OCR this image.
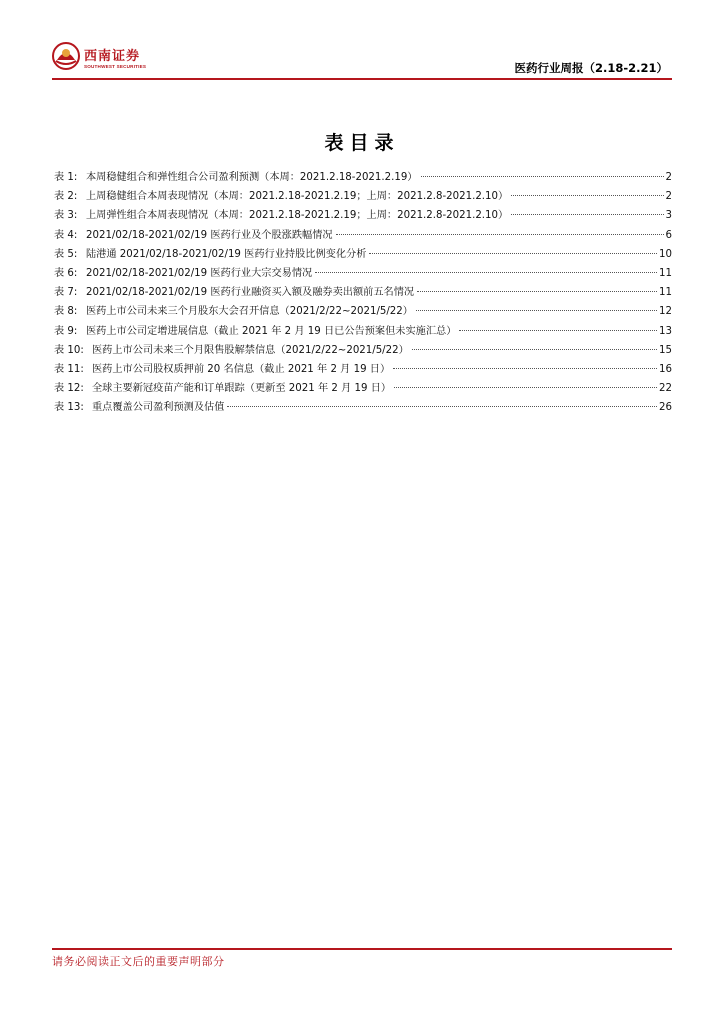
西南证券
SOUTHWEST SECURITIES	医药行业周报（2.18-2.21）
表目录
表 1: 本周稳健组合和弹性组合公司盈利预测（本周：2021.2.18-2021.2.19）	2
表 2: 上周稳健组合本周表现情况（本周：2021.2.18-2021.2.19；上周：2021.2.8-2021.2.10）	2
表 3: 上周弹性组合本周表现情况（本周：2021.2.18-2021.2.19；上周：2021.2.8-2021.2.10）	3
表 4: 2021/02/18-2021/02/19 医药行业及个股涨跌幅情况	6
表 5: 陆港通 2021/02/18-2021/02/19 医药行业持股比例变化分析	10
表 6: 2021/02/18-2021/02/19 医药行业大宗交易情况	11
表 7: 2021/02/18-2021/02/19 医药行业融资买入额及融券卖出额前五名情况	11
表 8: 医药上市公司未来三个月股东大会召开信息（2021/2/22~2021/5/22）	12
表 9: 医药上市公司定增进展信息（截止 2021 年 2 月 19 日已公告预案但未实施汇总）	13
表 10: 医药上市公司未来三个月限售股解禁信息（2021/2/22~2021/5/22）	15
表 11: 医药上市公司股权质押前 20 名信息（截止 2021 年 2 月 19 日）	16
表 12: 全球主要新冠疫苗产能和订单跟踪（更新至 2021 年 2 月 19 日）	22
表 13: 重点覆盖公司盈利预测及估值	26
请务必阅读正文后的重要声明部分
